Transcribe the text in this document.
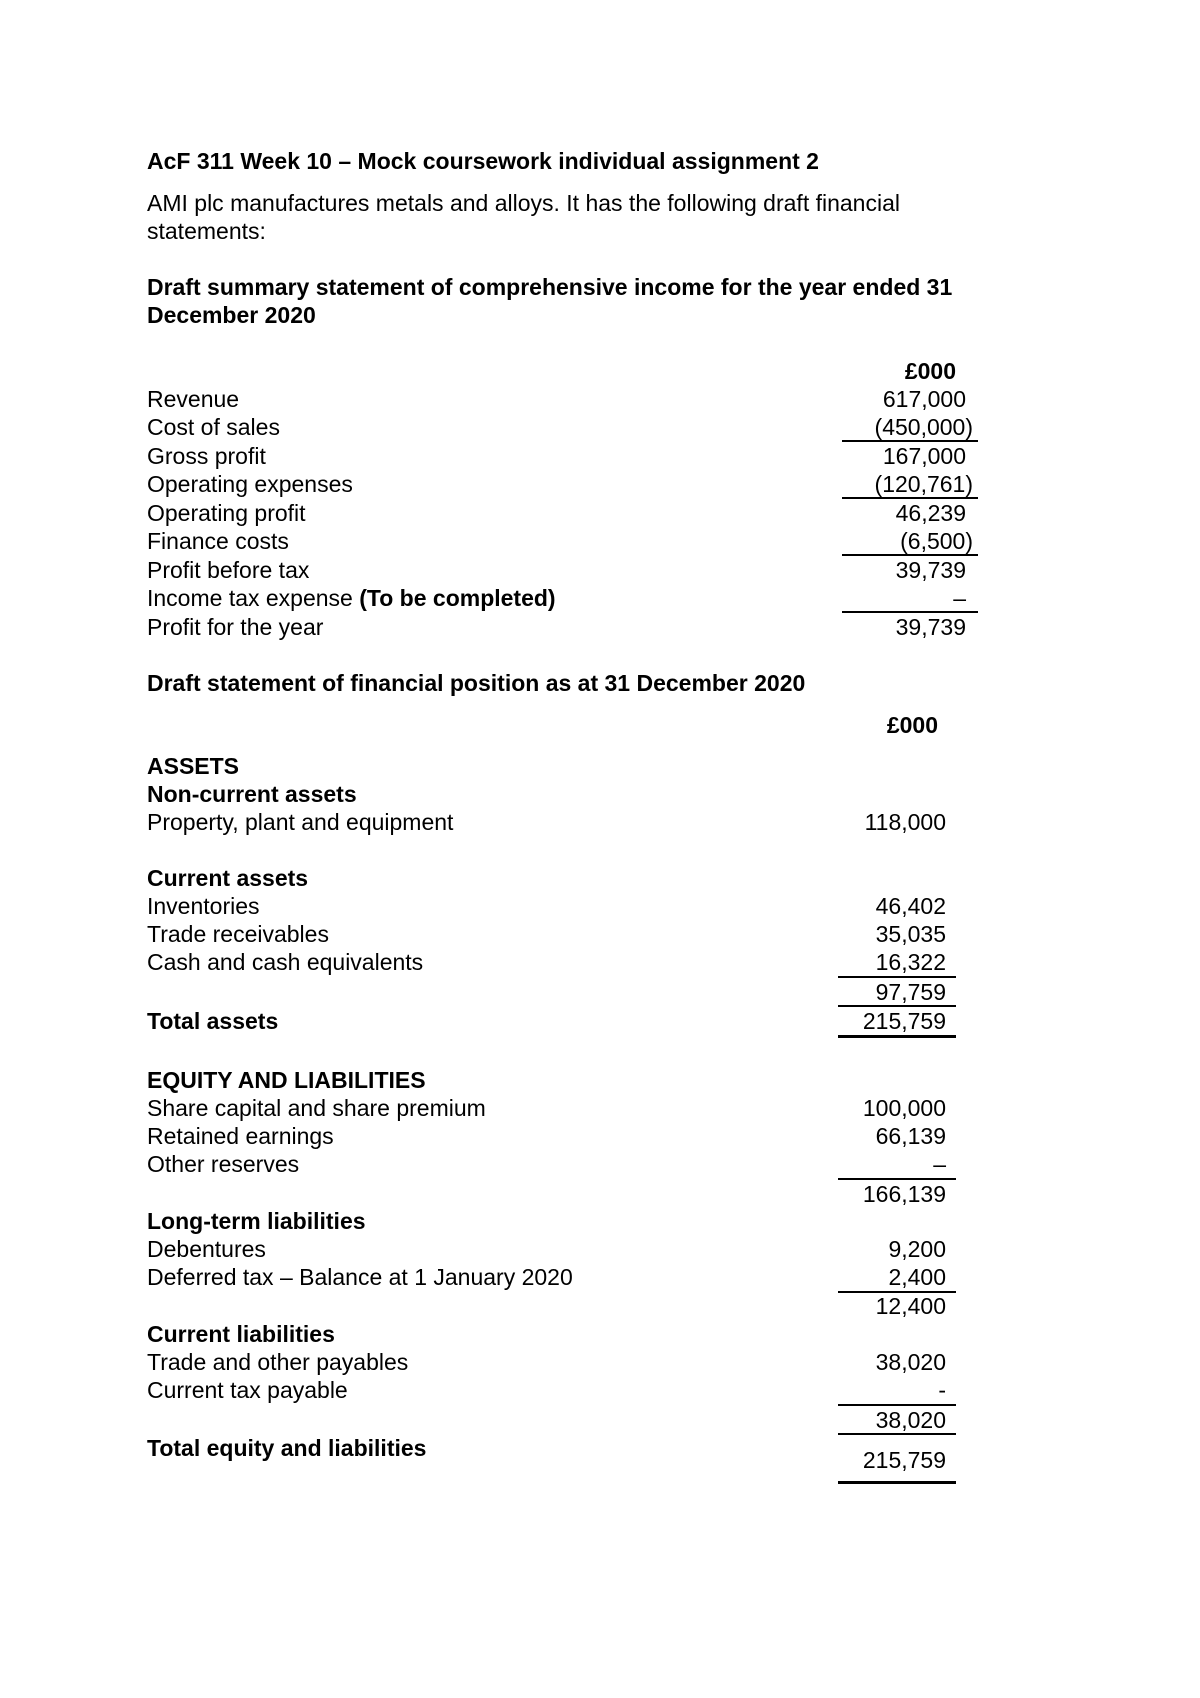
AcF 311 Week 10 – Mock coursework individual assignment 2
AMI plc manufactures metals and alloys. It has the following draft financial
statements:
Draft summary statement of comprehensive income for the year ended 31
December 2020
£000
Revenue	617,000
Cost of sales	(450,000)
Gross profit	167,000
Operating expenses	(120,761)
Operating profit	46,239
Finance costs	(6,500)
Profit before tax	39,739
Income tax expense (To be completed)	–
Profit for the year	39,739
Draft statement of financial position as at 31 December 2020
£000
ASSETS
Non-current assets
Property, plant and equipment	118,000
Current assets
Inventories	46,402
Trade receivables	35,035
Cash and cash equivalents	16,322
97,759
Total assets	215,759
EQUITY AND LIABILITIES
Share capital and share premium	100,000
Retained earnings	66,139
Other reserves	–
166,139
Long-term liabilities
Debentures	9,200
Deferred tax – Balance at 1 January 2020	2,400
12,400
Current liabilities
Trade and other payables	38,020
Current tax payable	-
38,020
Total equity and liabilities	215,759
